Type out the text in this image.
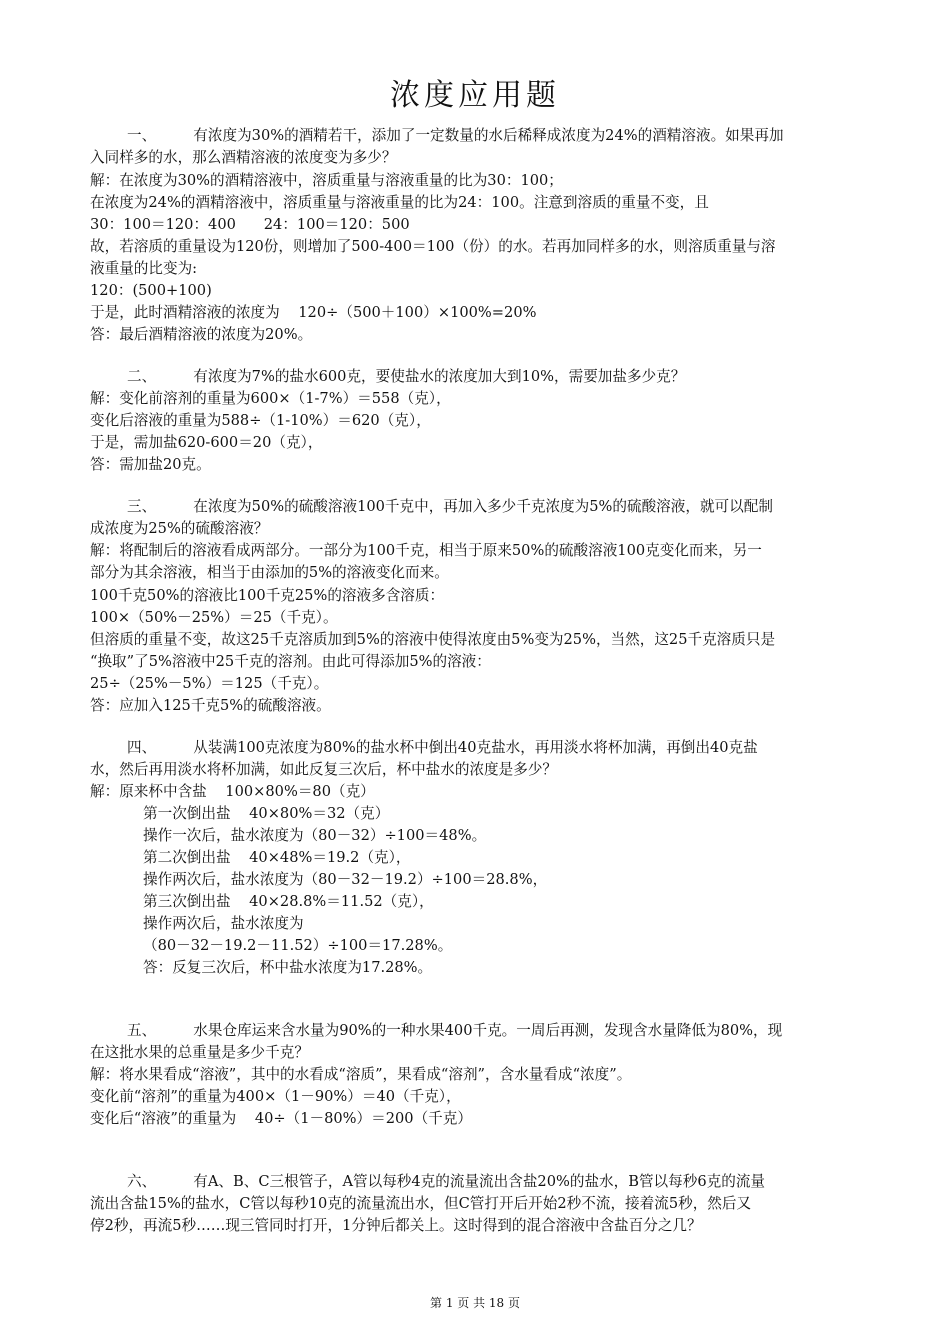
浓度应用题
一、        有浓度为30%的酒精若干，添加了一定数量的水后稀释成浓度为24%的酒精溶液。如果再加
入同样多的水，那么酒精溶液的浓度变为多少？
解：在浓度为30%的酒精溶液中，溶质重量与溶液重量的比为30：100；
在浓度为24%的酒精溶液中，溶质重量与溶液重量的比为24：100。注意到溶质的重量不变，且
30：100＝120：400      24：100＝120：500
故，若溶质的重量设为120份，则增加了500-400＝100（份）的水。若再加同样多的水，则溶质重量与溶
液重量的比变为:
120：(500+100)
于是，此时酒精溶液的浓度为    120÷（500＋100）×100%=20%
答：最后酒精溶液的浓度为20%。
二、        有浓度为7%的盐水600克，要使盐水的浓度加大到10%，需要加盐多少克？
解：变化前溶剂的重量为600×（1-7%）＝558（克），
变化后溶液的重量为588÷（1-10%）＝620（克），
于是，需加盐620-600＝20（克），
答：需加盐20克。
三、        在浓度为50%的硫酸溶液100千克中，再加入多少千克浓度为5%的硫酸溶液，就可以配制
成浓度为25%的硫酸溶液？
解：将配制后的溶液看成两部分。一部分为100千克，相当于原来50%的硫酸溶液100克变化而来，另一
部分为其余溶液，相当于由添加的5%的溶液变化而来。
100千克50%的溶液比100千克25%的溶液多含溶质：
100×（50%－25%）＝25（千克）。
但溶质的重量不变，故这25千克溶质加到5%的溶液中使得浓度由5%变为25%，当然，这25千克溶质只是
“换取”了5%溶液中25千克的溶剂。由此可得添加5%的溶液：
25÷（25%－5%）＝125（千克）。
答：应加入125千克5%的硫酸溶液。
四、        从装满100克浓度为80%的盐水杯中倒出40克盐水，再用淡水将杯加满，再倒出40克盐
水，然后再用淡水将杯加满，如此反复三次后，杯中盐水的浓度是多少？
解：原来杯中含盐    100×80%＝80（克）
第一次倒出盐    40×80%＝32（克）
操作一次后，盐水浓度为（80－32）÷100＝48%。
第二次倒出盐    40×48%＝19.2（克），
操作两次后，盐水浓度为（80－32－19.2）÷100＝28.8%，
第三次倒出盐    40×28.8%＝11.52（克），
操作两次后，盐水浓度为
（80－32－19.2－11.52）÷100＝17.28%。
答：反复三次后，杯中盐水浓度为17.28%。
五、        水果仓库运来含水量为90%的一种水果400千克。一周后再测，发现含水量降低为80%，现
在这批水果的总重量是多少千克？
解：将水果看成“溶液”，其中的水看成“溶质”，果看成“溶剂”，含水量看成“浓度”。
变化前“溶剂”的重量为400×（1－90%）＝40（千克），
变化后“溶液”的重量为    40÷（1－80%）＝200（千克）
六、        有A、B、C三根管子，A管以每秒4克的流量流出含盐20%的盐水，B管以每秒6克的流量
流出含盐15%的盐水，C管以每秒10克的流量流出水，但C管打开后开始2秒不流，接着流5秒，然后又
停2秒，再流5秒……现三管同时打开，1分钟后都关上。这时得到的混合溶液中含盐百分之几？
第 1 页 共 18 页
